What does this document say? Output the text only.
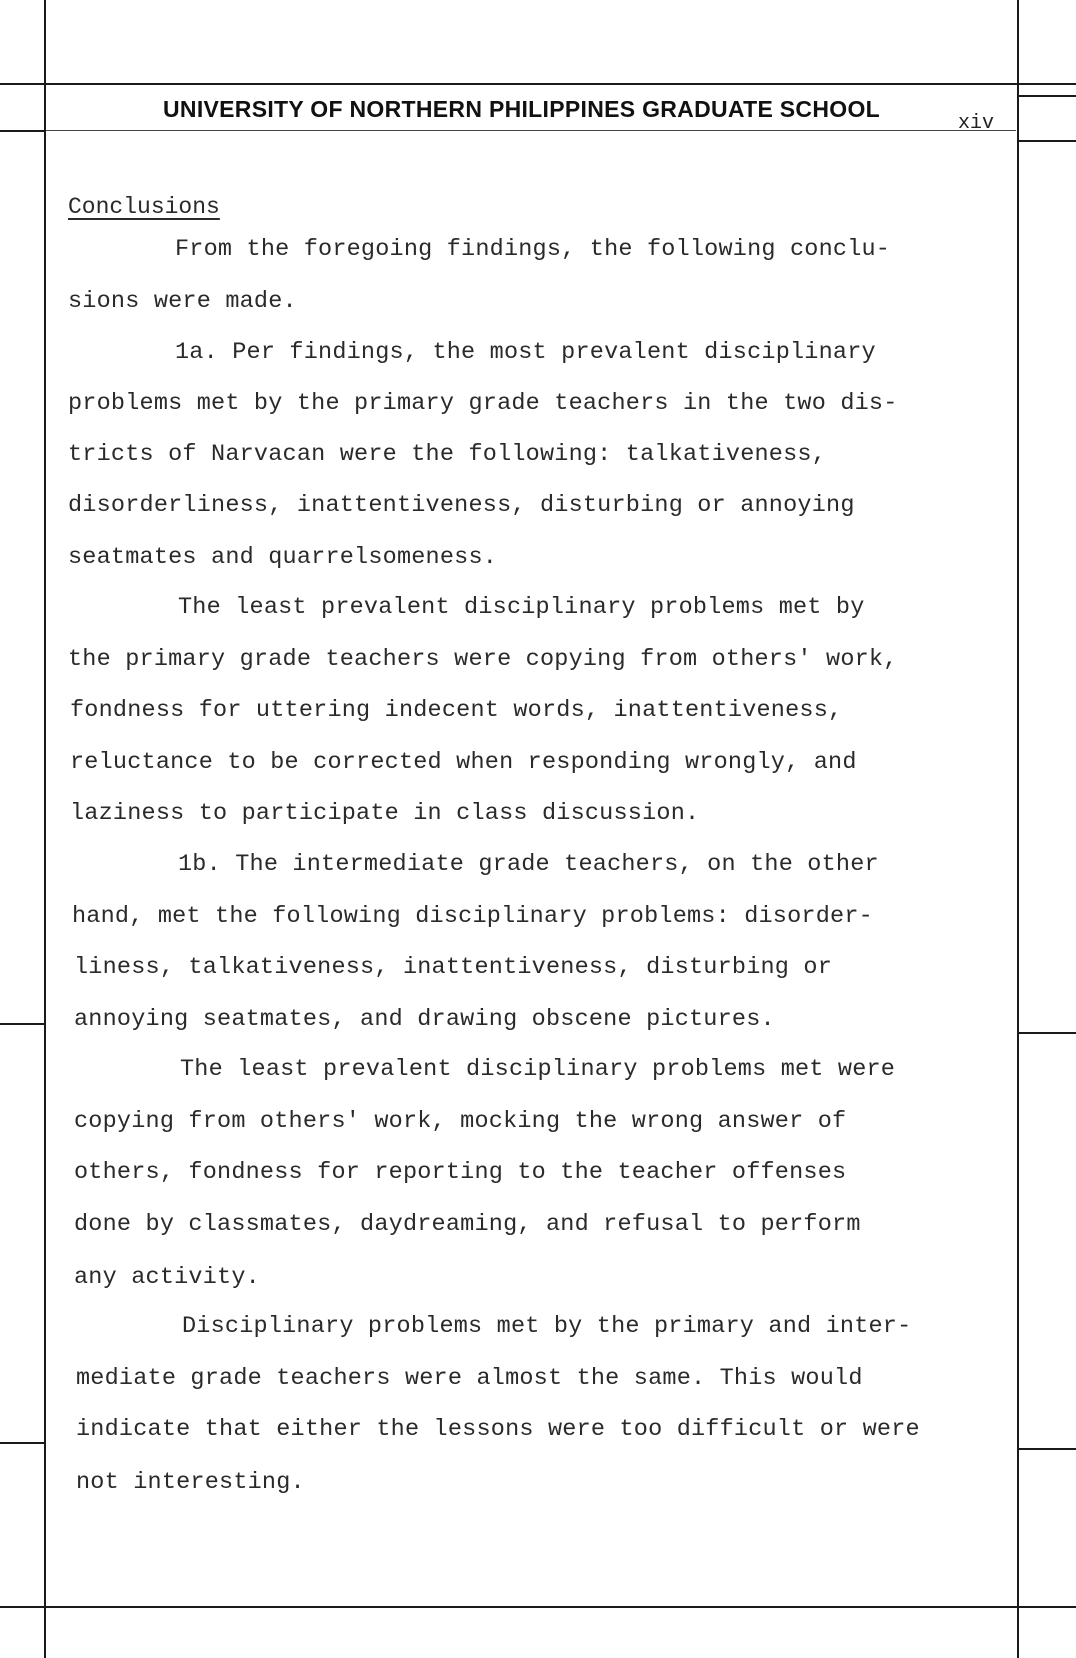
UNIVERSITY OF NORTHERN PHILIPPINES GRADUATE SCHOOL
xiv
Conclusions
From the foregoing findings, the following conclu-
sions were made.
1a. Per findings, the most prevalent disciplinary
problems met by the primary grade teachers in the two dis-
tricts of Narvacan were the following: talkativeness,
disorderliness, inattentiveness, disturbing or annoying
seatmates and quarrelsomeness.
The least prevalent disciplinary problems met by
the primary grade teachers were copying from others' work,
fondness for uttering indecent words, inattentiveness,
reluctance to be corrected when responding wrongly, and
laziness to participate in class discussion.
1b. The intermediate grade teachers, on the other
hand, met the following disciplinary problems: disorder-
liness, talkativeness, inattentiveness, disturbing or
annoying seatmates, and drawing obscene pictures.
The least prevalent disciplinary problems met were
copying from others' work, mocking the wrong answer of
others, fondness for reporting to the teacher offenses
done by classmates, daydreaming, and refusal to perform
any activity.
Disciplinary problems met by the primary and inter-
mediate grade teachers were almost the same. This would
indicate that either the lessons were too difficult or were
not interesting.
